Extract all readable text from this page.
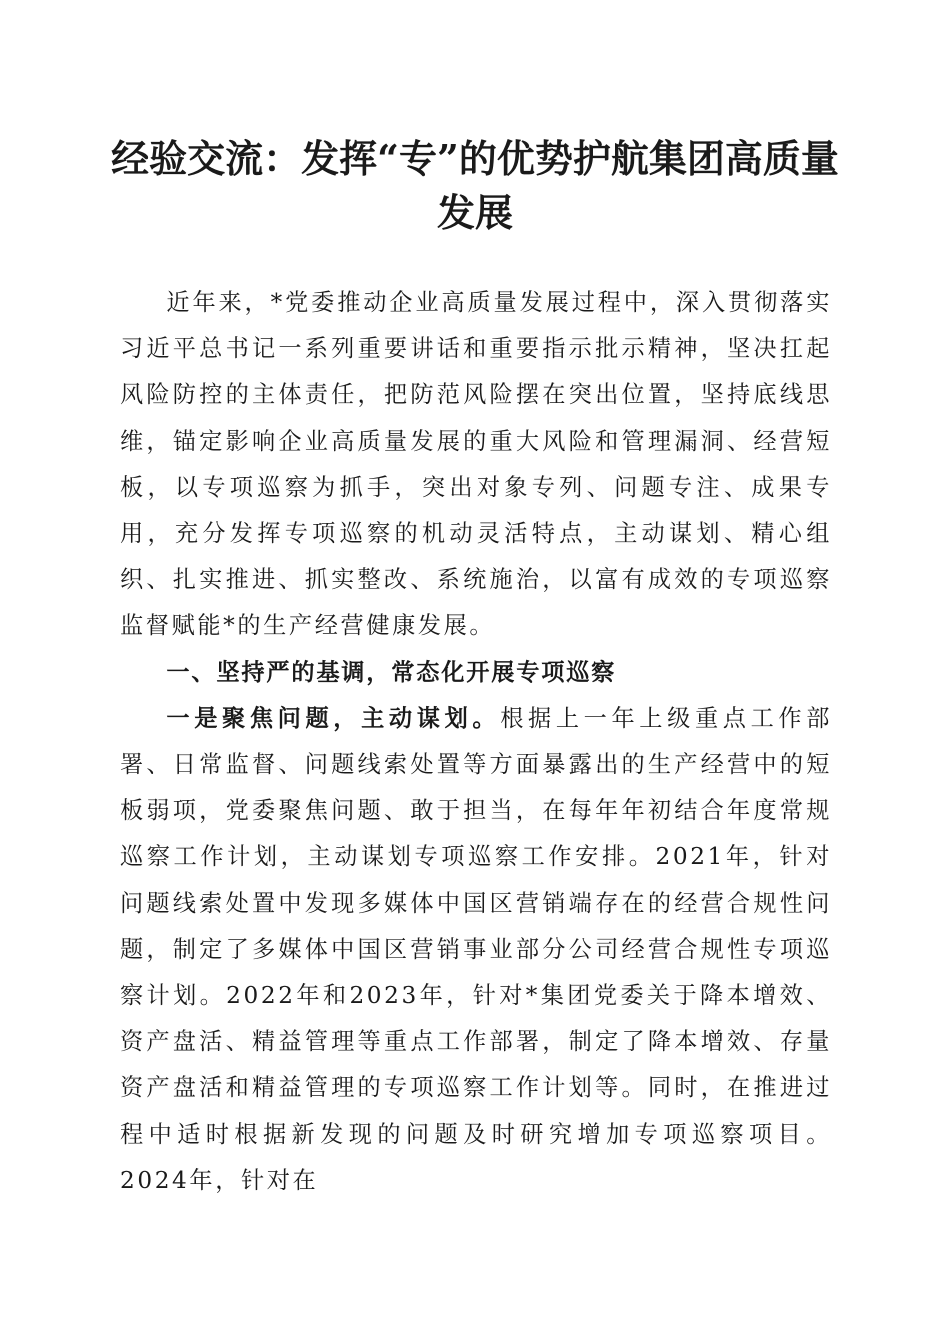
经验交流：发挥“专”的优势护航集团高质量发展

近年来，*党委推动企业高质量发展过程中，深入贯彻落实习近平总书记一系列重要讲话和重要指示批示精神，坚决扛起风险防控的主体责任，把防范风险摆在突出位置，坚持底线思维，锚定影响企业高质量发展的重大风险和管理漏洞、经营短板，以专项巡察为抓手，突出对象专列、问题专注、成果专用，充分发挥专项巡察的机动灵活特点，主动谋划、精心组织、扎实推进、抓实整改、系统施治，以富有成效的专项巡察监督赋能*的生产经营健康发展。

一、坚持严的基调，常态化开展专项巡察

一是聚焦问题，主动谋划。根据上一年上级重点工作部署、日常监督、问题线索处置等方面暴露出的生产经营中的短板弱项，党委聚焦问题、敢于担当，在每年年初结合年度常规巡察工作计划，主动谋划专项巡察工作安排。2021年，针对问题线索处置中发现多媒体中国区营销端存在的经营合规性问题，制定了多媒体中国区营销事业部分公司经营合规性专项巡察计划。2022年和2023年，针对*集团党委关于降本增效、资产盘活、精益管理等重点工作部署，制定了降本增效、存量资产盘活和精益管理的专项巡察工作计划等。同时，在推进过程中适时根据新发现的问题及时研究增加专项巡察项目。2024年，针对在
